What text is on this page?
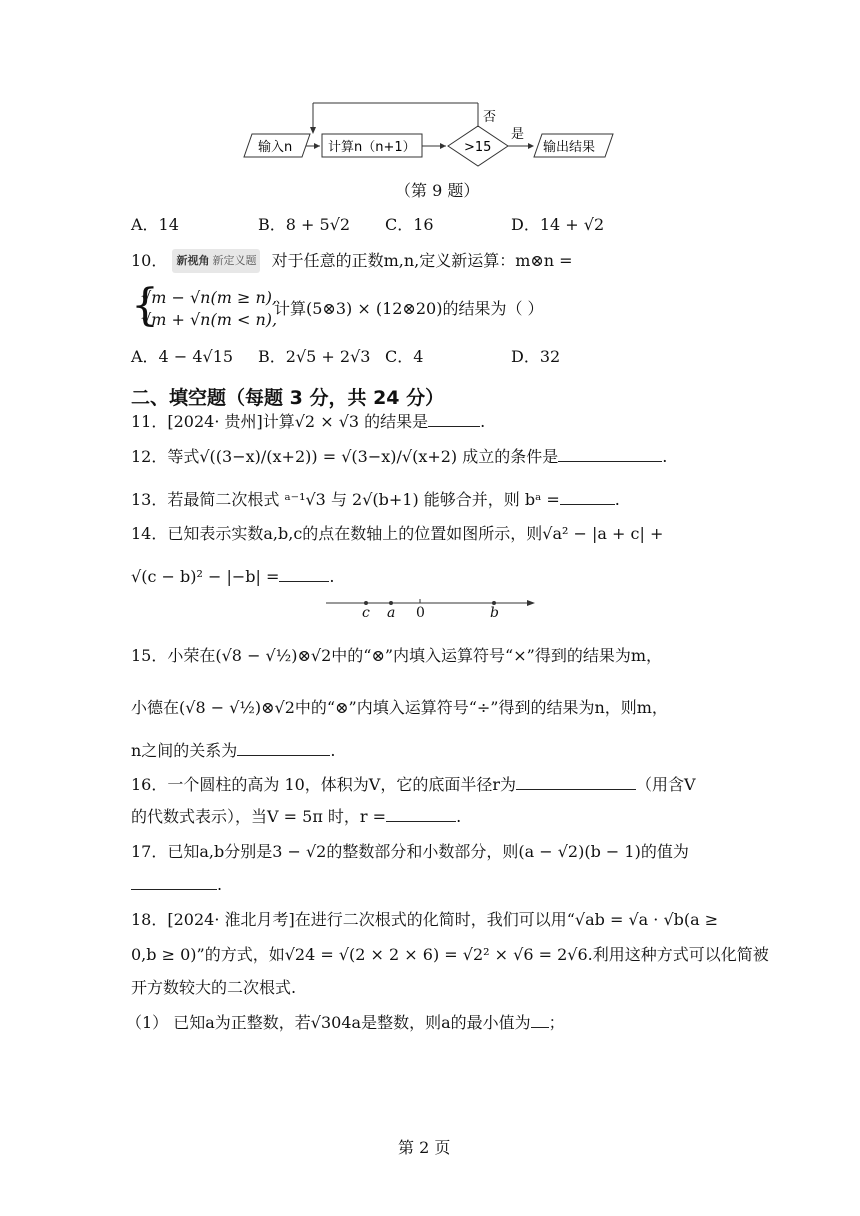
输入n	计算n（n+1）	>15
否
是
输出结果
（第 9 题）
A．14	B．8 + 5√2 C．16	D．14 + √2
10． 新视角 新定义题 对于任意的正数m,n,定义新运算：m⊗n =
{
√m − √n(m ≥ n),
√m + √n(m < n),
计算(5⊗3) × (12⊗20)的结果为（ ）
A．4 − 4√15 B．2√5 + 2√3 C．4	D．32
二、填空题（每题 3 分，共 24 分）
11．[2024· 贵州]计算√2 × √3 的结果是	.
12．等式√((3−x)/(x+2)) = √(3−x)/√(x+2) 成立的条件是	.
13．若最简二次根式 ᵃ⁻¹√3 与 2√(b+1) 能够合并，则 bᵃ =	.
14．已知表示实数a,b,c的点在数轴上的位置如图所示，则√a² − |a + c| +
√(c − b)² − |−b| =	.
c a 0	b
15．小荣在(√8 − √½)⊗√2中的“⊗”内填入运算符号“×”得到的结果为m，
小德在(√8 − √½)⊗√2中的“⊗”内填入运算符号“÷”得到的结果为n，则m，
n之间的关系为	.
16．一个圆柱的高为 10，体积为V，它的底面半径r为	（用含V
的代数式表示），当V = 5π 时，r =	.
17．已知a,b分别是3 − √2的整数部分和小数部分，则(a − √2)(b − 1)的值为
.
18．[2024· 淮北月考]在进行二次根式的化简时，我们可以用“√ab = √a · √b(a ≥
0,b ≥ 0)”的方式，如√24 = √(2 × 2 × 6) = √2² × √6 = 2√6.利用这种方式可以化简被
开方数较大的二次根式.
（1） 已知a为正整数，若√304a是整数，则a的最小值为 ；
第 2 页
